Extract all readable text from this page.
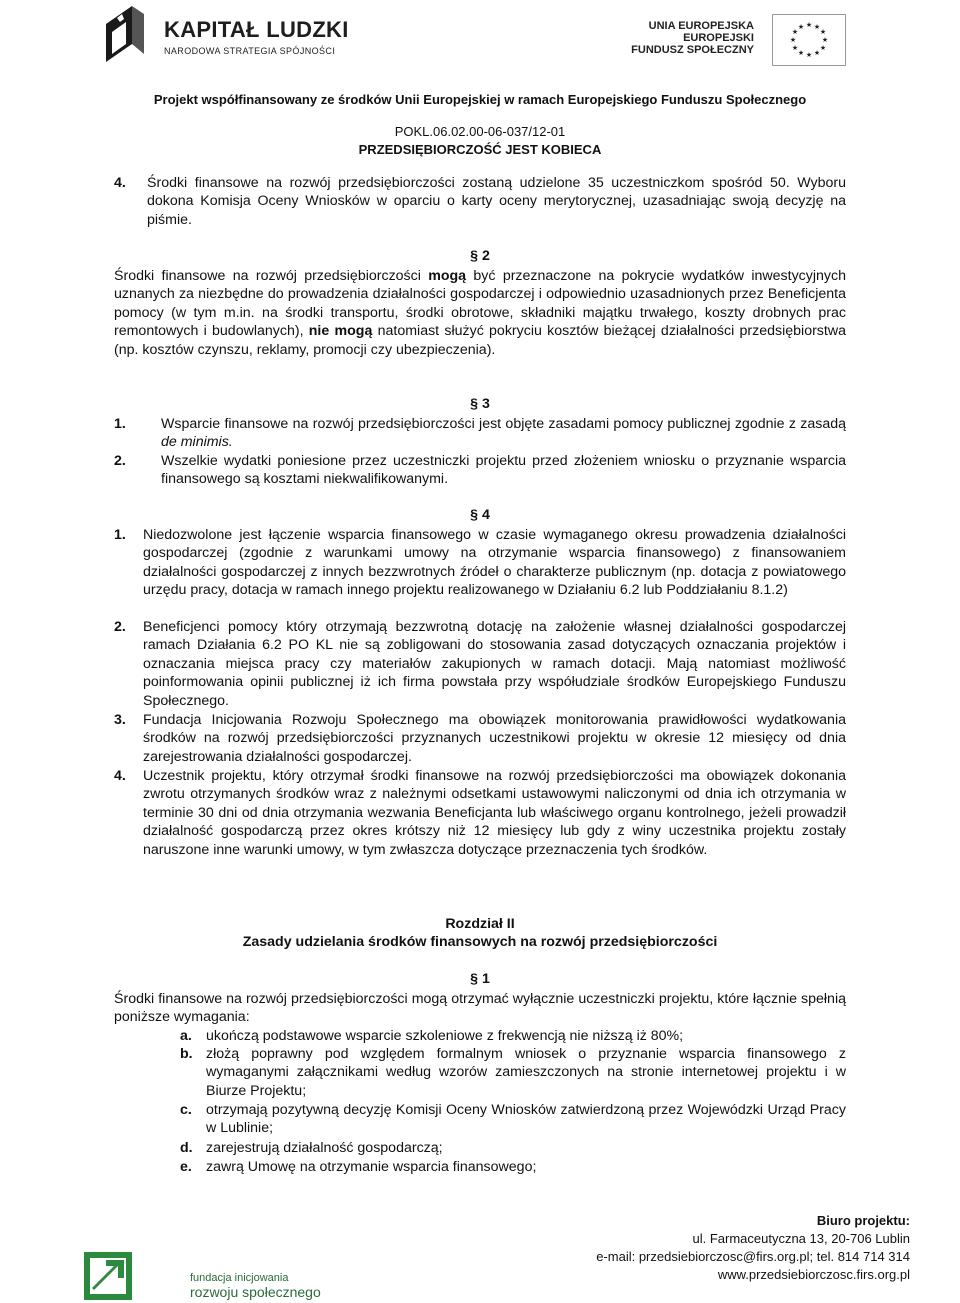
KAPITAŁ LUDZKI
NARODOWA STRATEGIA SPÓJNOŚCI
UNIA EUROPEJSKA
EUROPEJSKI
FUNDUSZ SPOŁECZNY
★ ★
★
★
★
★
★
★
★
★
★
★
Projekt współfinansowany ze środków Unii Europejskiej w ramach Europejskiego Funduszu Społecznego
POKL.06.02.00-06-037/12-01
PRZEDSIĘBIORCZOŚĆ JEST KOBIECA
4. Środki finansowe na rozwój przedsiębiorczości zostaną udzielone 35 uczestniczkom spośród 50. Wyboru dokona Komisja Oceny Wniosków w oparciu o karty oceny merytorycznej, uzasadniając swoją decyzję na piśmie.
§ 2
Środki finansowe na rozwój przedsiębiorczości mogą być przeznaczone na pokrycie wydatków inwestycyjnych uznanych za niezbędne do prowadzenia działalności gospodarczej i odpowiednio uzasadnionych przez Beneficjenta pomocy (w tym m.in. na środki transportu, środki obrotowe, składniki majątku trwałego, koszty drobnych prac remontowych i budowlanych), nie mogą natomiast służyć pokryciu kosztów bieżącej działalności przedsiębiorstwa (np. kosztów czynszu, reklamy, promocji czy ubezpieczenia).
§ 3
1. Wsparcie finansowe na rozwój przedsiębiorczości jest objęte zasadami pomocy publicznej zgodnie z zasadą de minimis.
2. Wszelkie wydatki poniesione przez uczestniczki projektu przed złożeniem wniosku o przyznanie wsparcia finansowego są kosztami niekwalifikowanymi.
§ 4
1. Niedozwolone jest łączenie wsparcia finansowego w czasie wymaganego okresu prowadzenia działalności gospodarczej (zgodnie z warunkami umowy na otrzymanie wsparcia finansowego) z finansowaniem działalności gospodarczej z innych bezzwrotnych źródeł o charakterze publicznym (np. dotacja z powiatowego urzędu pracy, dotacja w ramach innego projektu realizowanego w Działaniu 6.2 lub Poddziałaniu 8.1.2)
2. Beneficjenci pomocy który otrzymają bezzwrotną dotację na założenie własnej działalności gospodarczej ramach Działania 6.2 PO KL nie są zobligowani do stosowania zasad dotyczących oznaczania projektów i oznaczania miejsca pracy czy materiałów zakupionych w ramach dotacji. Mają natomiast możliwość poinformowania opinii publicznej iż ich firma powstała przy współudziale środków Europejskiego Funduszu Społecznego.
3. Fundacja Inicjowania Rozwoju Społecznego ma obowiązek monitorowania prawidłowości wydatkowania środków na rozwój przedsiębiorczości przyznanych uczestnikowi projektu w okresie 12 miesięcy od dnia zarejestrowania działalności gospodarczej.
4. Uczestnik projektu, który otrzymał środki finansowe na rozwój przedsiębiorczości ma obowiązek dokonania zwrotu otrzymanych środków wraz z należnymi odsetkami ustawowymi naliczonymi od dnia ich otrzymania w terminie 30 dni od dnia otrzymania wezwania Beneficjanta lub właściwego organu kontrolnego, jeżeli prowadził działalność gospodarczą przez okres krótszy niż 12 miesięcy lub gdy z winy uczestnika projektu zostały naruszone inne warunki umowy, w tym zwłaszcza dotyczące przeznaczenia tych środków.
Rozdział II
Zasady udzielania środków finansowych na rozwój przedsiębiorczości
§ 1
Środki finansowe na rozwój przedsiębiorczości mogą otrzymać wyłącznie uczestniczki projektu, które łącznie spełnią poniższe wymagania:
a. ukończą podstawowe wsparcie szkoleniowe z frekwencją nie niższą iż 80%;
b. złożą poprawny pod względem formalnym wniosek o przyznanie wsparcia finansowego z wymaganymi załącznikami według wzorów zamieszczonych na stronie internetowej projektu i w Biurze Projektu;
c. otrzymają pozytywną decyzję Komisji Oceny Wniosków zatwierdzoną przez Wojewódzki Urząd Pracy w Lublinie;
d. zarejestrują działalność gospodarczą;
e. zawrą Umowę na otrzymanie wsparcia finansowego;
fundacja inicjowania
rozwoju społecznego
Biuro projektu:
ul. Farmaceutyczna 13, 20-706 Lublin
e-mail: przedsiebiorczosc@firs.org.pl; tel. 814 714 314
www.przedsiebiorczosc.firs.org.pl
